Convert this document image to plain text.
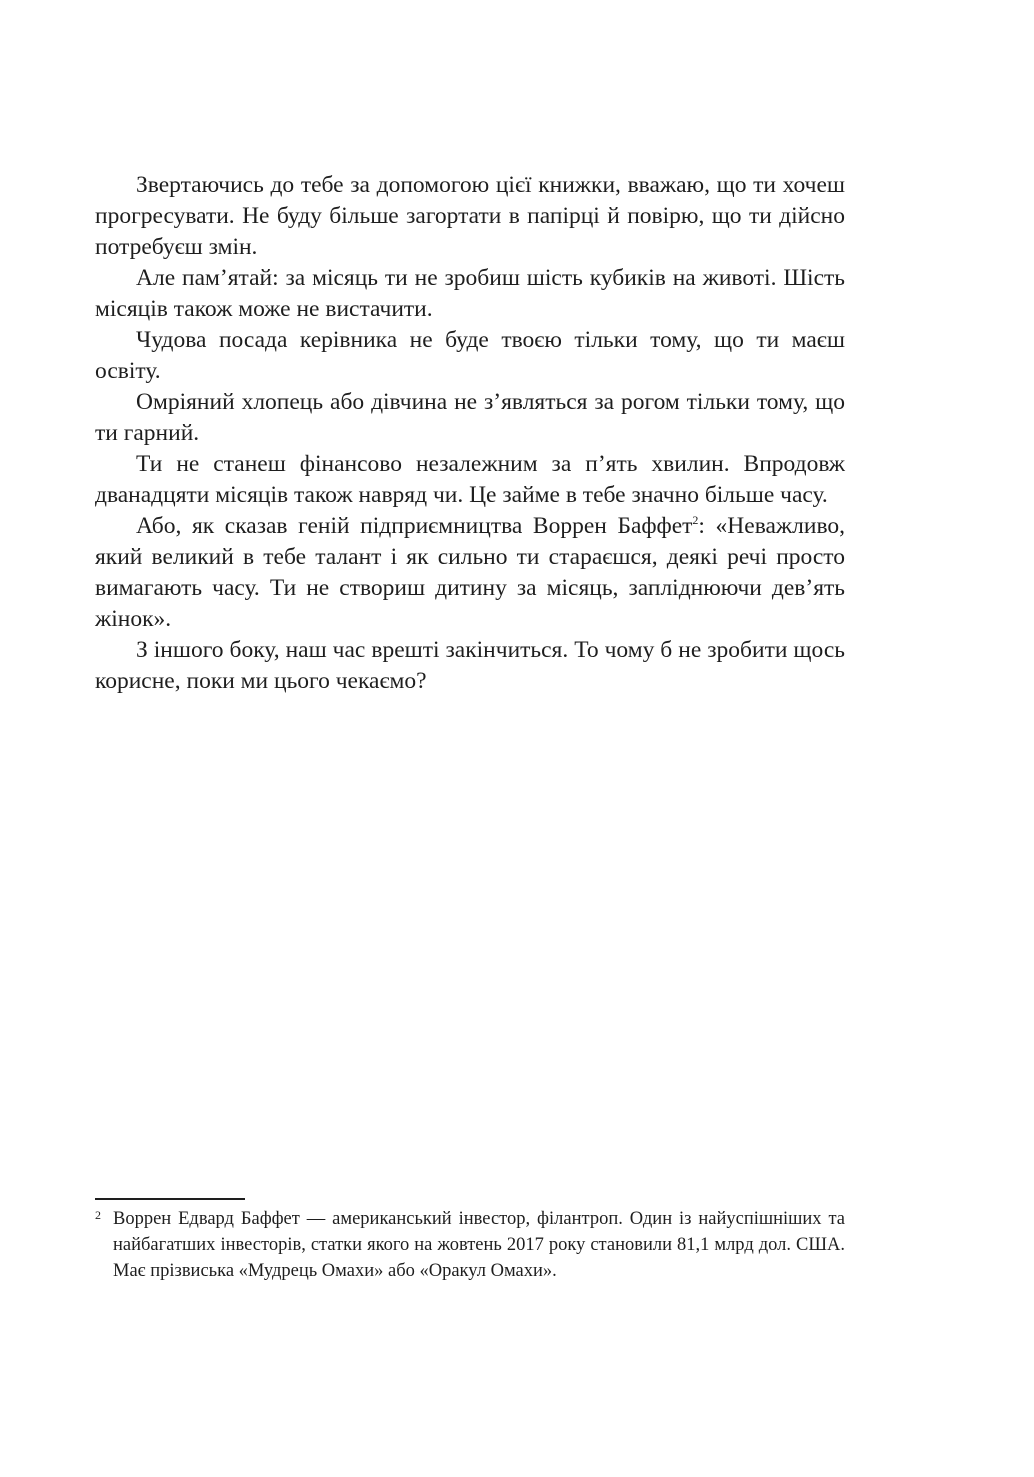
Звертаючись до тебе за допомогою цієї книжки, вважаю, що ти хочеш прогресувати. Не буду більше загортати в папірці й повірю, що ти дійсно потребуєш змін.

Але пам’ятай: за місяць ти не зробиш шість кубиків на животі. Шість місяців також може не вистачити.

Чудова посада керівника не буде твоєю тільки тому, що ти маєш освіту.

Омріяний хлопець або дівчина не з’являться за рогом тільки тому, що ти гарний.

Ти не станеш фінансово незалежним за п’ять хвилин. Впродовж дванадцяти місяців також навряд чи. Це займе в тебе значно більше часу.

Або, як сказав геній підприємництва Воррен Баффет$^2$: «Неважливо, який великий в тебе талант і як сильно ти стараєшся, деякі речі просто вимагають часу. Ти не створиш дитину за місяць, запліднюючи дев’ять жінок».

З іншого боку, наш час врешті закінчиться. То чому б не зробити щось корисне, поки ми цього чекаємо?

2 Воррен Едвард Баффет — американський інвестор, філантроп. Один із найуспішніших та найбагатших інвесторів, статки якого на жовтень 2017 року становили 81,1 млрд дол. США. Має прізвиська «Мудрець Омахи» або «Оракул Омахи».
